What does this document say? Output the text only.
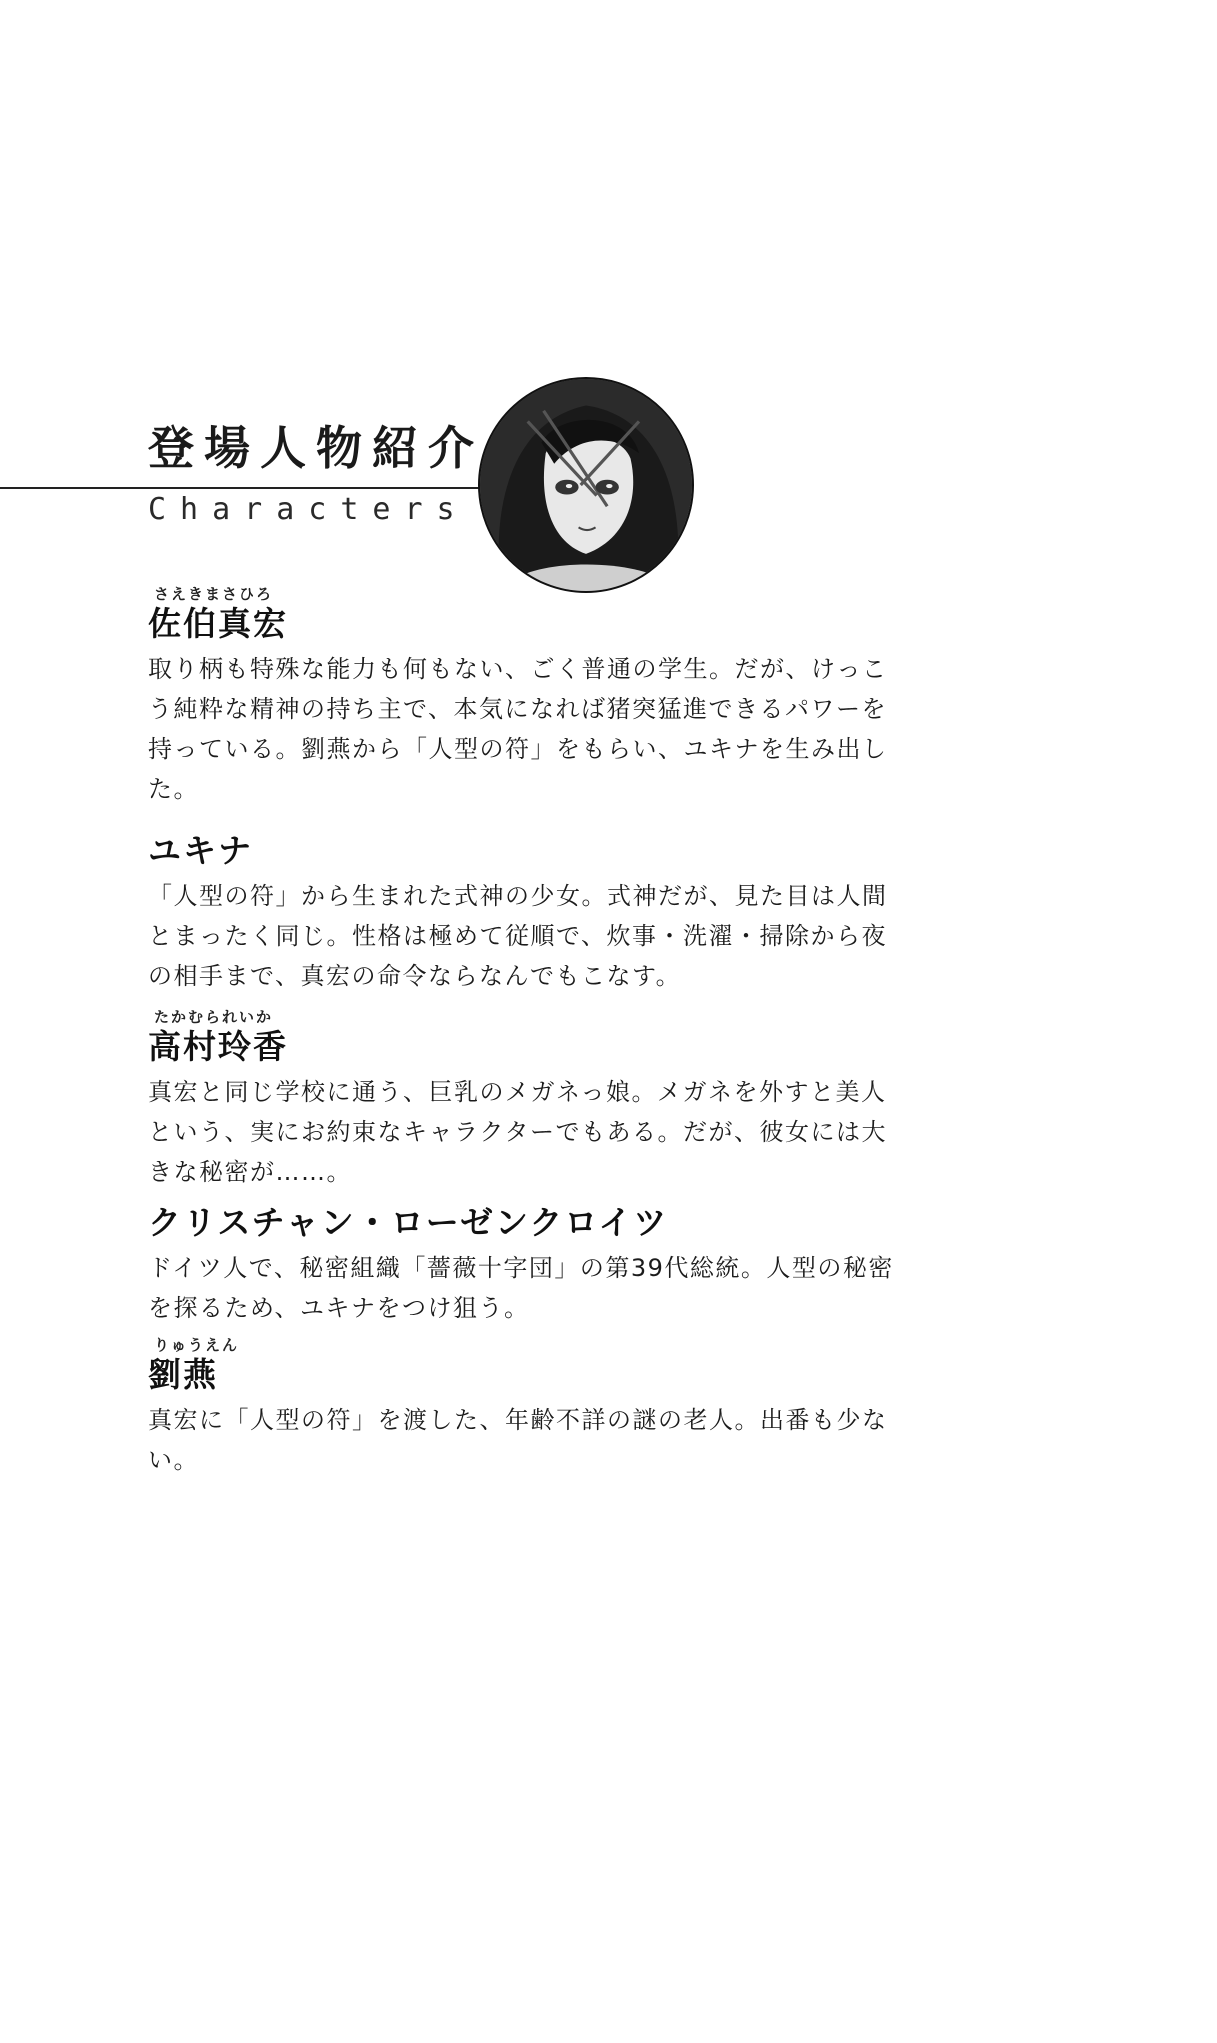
登場人物紹介
Characters
さえきまさひろ
佐伯真宏
取り柄も特殊な能力も何もない、ごく普通の学生。だが、けっこう純粋な精神の持ち主で、本気になれば猪突猛進できるパワーを持っている。劉燕から「人型の符」をもらい、ユキナを生み出した。
ユキナ
「人型の符」から生まれた式神の少女。式神だが、見た目は人間とまったく同じ。性格は極めて従順で、炊事・洗濯・掃除から夜の相手まで、真宏の命令ならなんでもこなす。
たかむられいか
高村玲香
真宏と同じ学校に通う、巨乳のメガネっ娘。メガネを外すと美人という、実にお約束なキャラクターでもある。だが、彼女には大きな秘密が……。
クリスチャン・ローゼンクロイツ
ドイツ人で、秘密組織「薔薇十字団」の第39代総統。人型の秘密を探るため、ユキナをつけ狙う。
りゅうえん
劉燕
真宏に「人型の符」を渡した、年齢不詳の謎の老人。出番も少ない。
